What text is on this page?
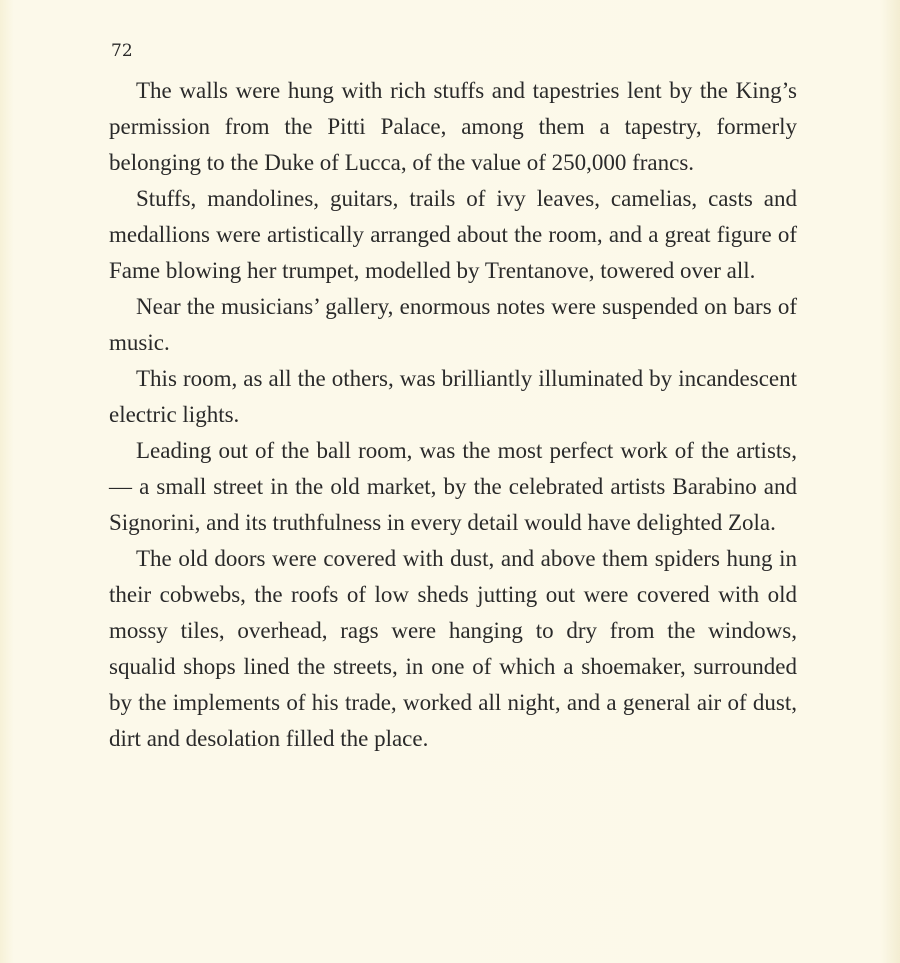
72

The walls were hung with rich stuffs and tapestries lent by the King’s permission from the Pitti Palace, among them a tapestry, formerly belonging to the Duke of Lucca, of the value of 250,000 francs.

Stuffs, mandolines, guitars, trails of ivy leaves, camelias, casts and medallions were artistically arranged about the room, and a great figure of Fame blowing her trumpet, modelled by Trentanove, towered over all.

Near the musicians’ gallery, enormous notes were suspended on bars of music.

This room, as all the others, was brilliantly illuminated by incandescent electric lights.

Leading out of the ball room, was the most perfect work of the artists, — a small street in the old market, by the celebrated artists Barabino and Signorini, and its truthfulness in every detail would have delighted Zola.

The old doors were covered with dust, and above them spiders hung in their cobwebs, the roofs of low sheds jutting out were covered with old mossy tiles, overhead, rags were hanging to dry from the windows, squalid shops lined the streets, in one of which a shoemaker, surrounded by the implements of his trade, worked all night, and a general air of dust, dirt and desolation filled the place.
